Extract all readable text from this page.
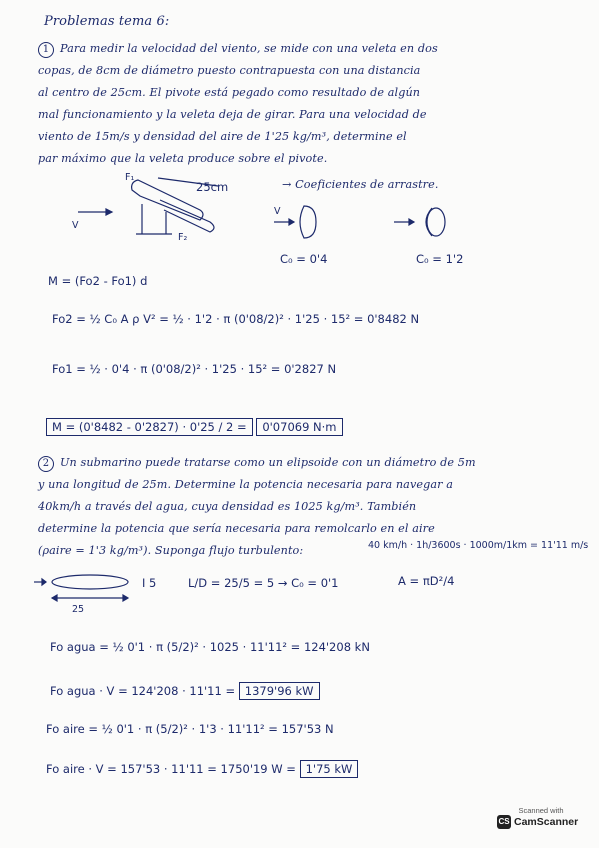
Problemas tema 6:
1 Para medir la velocidad del viento, se mide con una veleta en dos
copas, de 8cm de diámetro puesto contrapuesta con una distancia
al centro de 25cm. El pivote está pegado como resultado de algún
mal funcionamiento y la veleta deja de girar. Para una velocidad de
viento de 15m/s y densidad del aire de 1'25 kg/m³, determine el
par máximo que la veleta produce sobre el pivote.
V
F₁
F₂
25cm	→ Coeficientes de arrastre.
V
C₀ = 0'4	C₀ = 1'2
M = (Fo2 - Fo1) d
Fo2 = ½ C₀ A ρ V² = ½ · 1'2 · π (0'08/2)² · 1'25 · 15² = 0'8482 N
Fo1 = ½ · 0'4 · π (0'08/2)² · 1'25 · 15² = 0'2827 N
M = (0'8482 - 0'2827) · 0'25 / 2 = 0'07069 N·m
2 Un submarino puede tratarse como un elipsoide con un diámetro de 5m
y una longitud de 25m. Determine la potencia necesaria para navegar a
40km/h a través del agua, cuya densidad es 1025 kg/m³. También
determine la potencia que sería necesaria para remolcarlo en el aire
(ρaire = 1'3 kg/m³). Suponga flujo turbulento:	40 km/h · 1h/3600s · 1000m/1km = 11'11 m/s
25
I 5	L/D = 25/5 = 5 → C₀ = 0'1	A = πD²/4
Fo agua = ½ 0'1 · π (5/2)² · 1025 · 11'11² = 124'208 kN
Fo agua · V = 124'208 · 11'11 = 1379'96 kW
Fo aire = ½ 0'1 · π (5/2)² · 1'3 · 11'11² = 157'53 N
Fo aire · V = 157'53 · 11'11 = 1750'19 W = 1'75 kW
Scanned with
CS CamScanner
